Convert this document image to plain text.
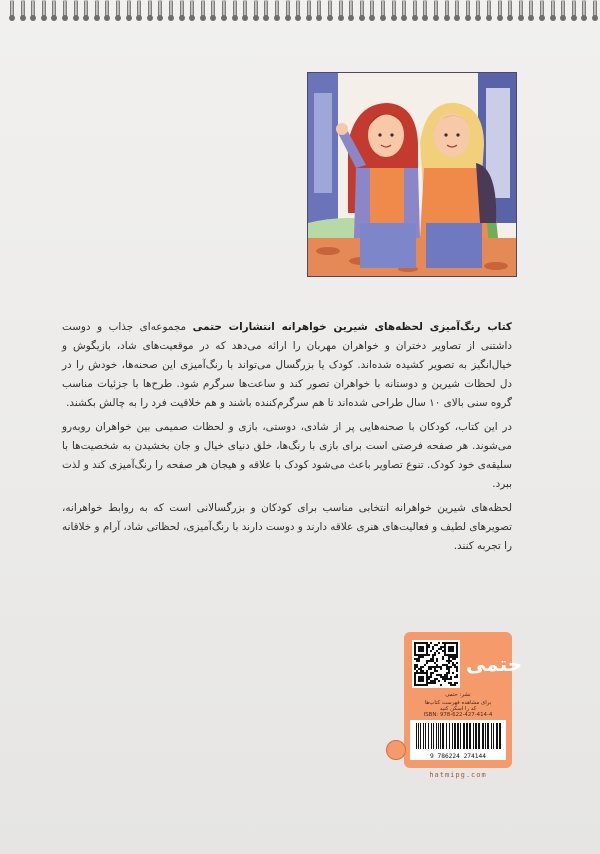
کتاب رنگ‌آمیزی لحظه‌های شیرین خواهرانه انتشارات حتمی مجموعه‌ای جذاب و دوست داشتنی از تصاویر دختران و خواهران مهربان را ارائه می‌دهد که در موقعیت‌های شاد، بازیگوش و خیال‌انگیز به تصویر کشیده شده‌اند. کودک یا بزرگسال می‌تواند با رنگ‌آمیزی این صحنه‌ها، خودش را در دل لحظات شیرین و دوستانه با خواهران تصور کند و ساعت‌ها سرگرم شود. طرح‌ها با جزئیات مناسب گروه سنی بالای ۱۰ سال طراحی شده‌اند تا هم سرگرم‌کننده باشند و هم خلاقیت فرد را به چالش بکشند.

در این کتاب، کودکان با صحنه‌هایی پر از شادی، دوستی، بازی و لحظات صمیمی بین خواهران روبه‌رو می‌شوند. هر صفحه فرصتی است برای بازی با رنگ‌ها، خلق دنیای خیال و جان بخشیدن به شخصیت‌ها با سلیقه‌ی خود کودک. تنوع تصاویر باعث می‌شود کودک با علاقه و هیجان هر صفحه را رنگ‌آمیزی کند و لذت ببرد.

لحظه‌های شیرین خواهرانه انتخابی مناسب برای کودکان و بزرگسالانی است که به روابط خواهرانه، تصویرهای لطیف و فعالیت‌های هنری علاقه دارند و دوست دارند با رنگ‌آمیزی، لحظاتی شاد، آرام و خلاقانه را تجربه کنند.

حتمی
نشر: حتمی
برای مشاهده فهرست کتاب‌ها
کد را اسکن کنید
ISBN: 978-622-427-414-4
9 786224 274144
hatmipg.com
